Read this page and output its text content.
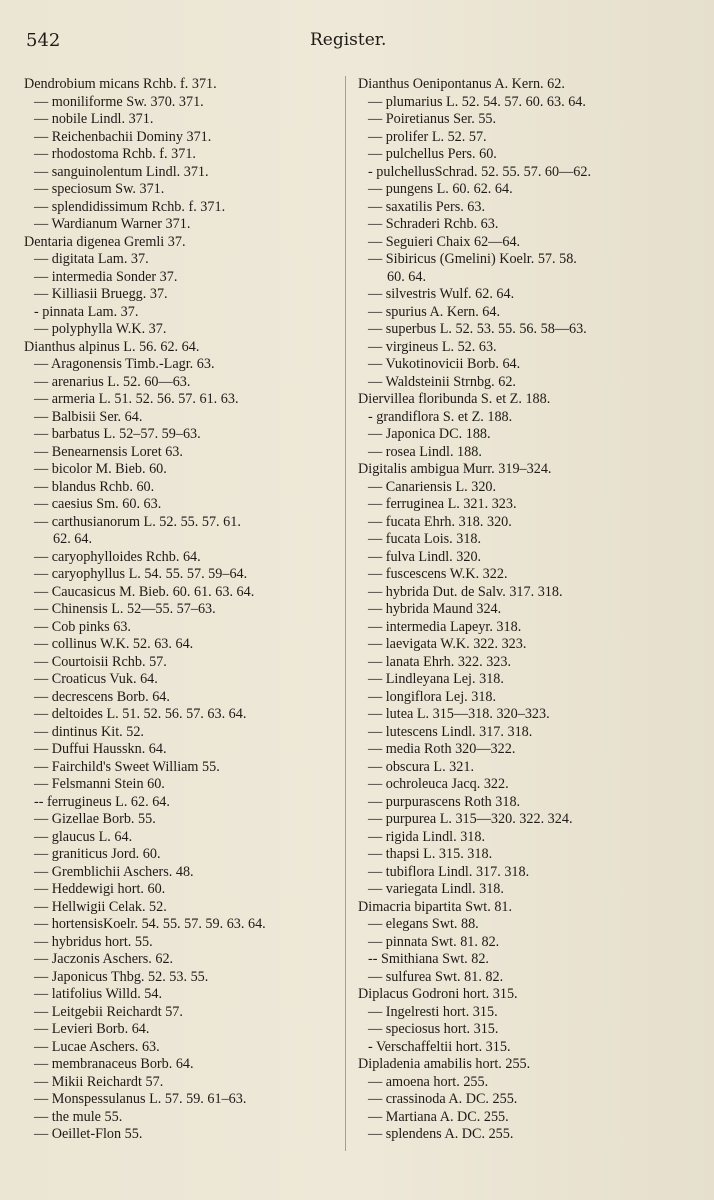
542	Register.
Dendrobium micans Rchb. f. 371.
— moniliforme Sw. 370. 371.
— nobile Lindl. 371.
— Reichenbachii Dominy 371.
— rhodostoma Rchb. f. 371.
— sanguinolentum Lindl. 371.
— speciosum Sw. 371.
— splendidissimum Rchb. f. 371.
— Wardianum Warner 371.
Dentaria digenea Gremli 37.
— digitata Lam. 37.
— intermedia Sonder 37.
— Killiasii Bruegg. 37.
- pinnata Lam. 37.
— polyphylla W.K. 37.
Dianthus alpinus L. 56. 62. 64.
— Aragonensis Timb.-Lagr. 63.
— arenarius L. 52. 60—63.
— armeria L. 51. 52. 56. 57. 61. 63.
— Balbisii Ser. 64.
— barbatus L. 52–57. 59–63.
— Benearnensis Loret 63.
— bicolor M. Bieb. 60.
— blandus Rchb. 60.
— caesius Sm. 60. 63.
— carthusianorum L. 52. 55. 57. 61.
62. 64.
— caryophylloides Rchb. 64.
— caryophyllus L. 54. 55. 57. 59–64.
— Caucasicus M. Bieb. 60. 61. 63. 64.
— Chinensis L. 52—55. 57–63.
— Cob pinks 63.
— collinus W.K. 52. 63. 64.
— Courtoisii Rchb. 57.
— Croaticus Vuk. 64.
— decrescens Borb. 64.
— deltoides L. 51. 52. 56. 57. 63. 64.
— dintinus Kit. 52.
— Duffui Hausskn. 64.
— Fairchild's Sweet William 55.
— Felsmanni Stein 60.
-- ferrugineus L. 62. 64.
— Gizellae Borb. 55.
— glaucus L. 64.
— graniticus Jord. 60.
— Gremblichii Aschers. 48.
— Heddewigi hort. 60.
— Hellwigii Celak. 52.
— hortensisKoelr. 54. 55. 57. 59. 63. 64.
— hybridus hort. 55.
— Jaczonis Aschers. 62.
— Japonicus Thbg. 52. 53. 55.
— latifolius Willd. 54.
— Leitgebii Reichardt 57.
— Levieri Borb. 64.
— Lucae Aschers. 63.
— membranaceus Borb. 64.
— Mikii Reichardt 57.
— Monspessulanus L. 57. 59. 61–63.
— the mule 55.
— Oeillet-Flon 55.
Dianthus Oenipontanus A. Kern. 62.
— plumarius L. 52. 54. 57. 60. 63. 64.
— Poiretianus Ser. 55.
— prolifer L. 52. 57.
— pulchellus Pers. 60.
- pulchellusSchrad. 52. 55. 57. 60—62.
— pungens L. 60. 62. 64.
— saxatilis Pers. 63.
— Schraderi Rchb. 63.
— Seguieri Chaix 62—64.
— Sibiricus (Gmelini) Koelr. 57. 58.
60. 64.
— silvestris Wulf. 62. 64.
— spurius A. Kern. 64.
— superbus L. 52. 53. 55. 56. 58—63.
— virgineus L. 52. 63.
— Vukotinovicii Borb. 64.
— Waldsteinii Strnbg. 62.
Diervillea floribunda S. et Z. 188.
- grandiflora S. et Z. 188.
— Japonica DC. 188.
— rosea Lindl. 188.
Digitalis ambigua Murr. 319–324.
— Canariensis L. 320.
— ferruginea L. 321. 323.
— fucata Ehrh. 318. 320.
— fucata Lois. 318.
— fulva Lindl. 320.
— fuscescens W.K. 322.
— hybrida Dut. de Salv. 317. 318.
— hybrida Maund 324.
— intermedia Lapeyr. 318.
— laevigata W.K. 322. 323.
— lanata Ehrh. 322. 323.
— Lindleyana Lej. 318.
— longiflora Lej. 318.
— lutea L. 315—318. 320–323.
— lutescens Lindl. 317. 318.
— media Roth 320—322.
— obscura L. 321.
— ochroleuca Jacq. 322.
— purpurascens Roth 318.
— purpurea L. 315—320. 322. 324.
— rigida Lindl. 318.
— thapsi L. 315. 318.
— tubiflora Lindl. 317. 318.
— variegata Lindl. 318.
Dimacria bipartita Swt. 81.
— elegans Swt. 88.
— pinnata Swt. 81. 82.
-- Smithiana Swt. 82.
— sulfurea Swt. 81. 82.
Diplacus Godroni hort. 315.
— Ingelresti hort. 315.
— speciosus hort. 315.
- Verschaffeltii hort. 315.
Dipladenia amabilis hort. 255.
— amoena hort. 255.
— crassinoda A. DC. 255.
— Martiana A. DC. 255.
— splendens A. DC. 255.
